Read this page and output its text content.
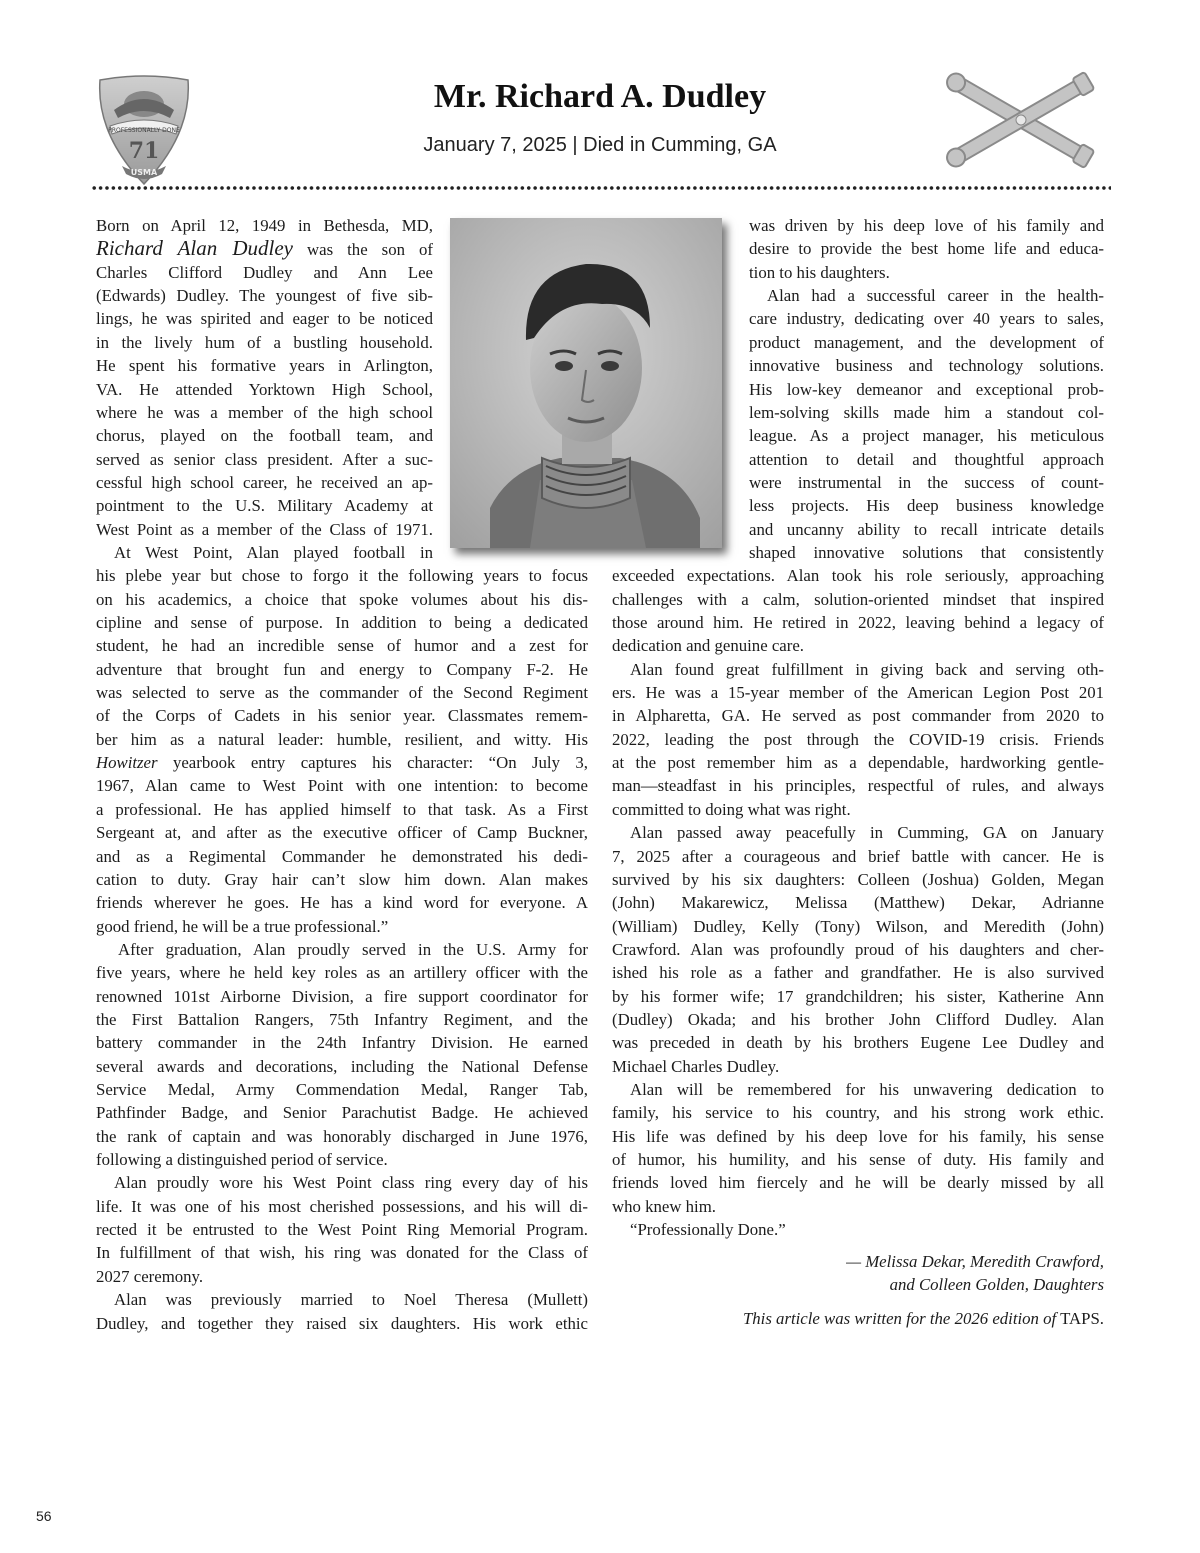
PROFESSIONALLY DONE
71
USMA
Mr. Richard A. Dudley
January 7, 2025 | Died in Cumming, GA
Born on April 12, 1949 in Bethesda, MD,
Richard Alan Dudley was the son of
Charles Clifford Dudley and Ann Lee
(Edwards) Dudley. The youngest of five sib-
lings, he was spirited and eager to be noticed
in the lively hum of a bustling household.
He spent his formative years in Arlington,
VA. He attended Yorktown High School,
where he was a member of the high school
chorus, played on the football team, and
served as senior class president. After a suc-
cessful high school career, he received an ap-
pointment to the U.S. Military Academy at
West Point as a member of the Class of 1971.
At West Point, Alan played football in
his plebe year but chose to forgo it the following years to focus
on his academics, a choice that spoke volumes about his dis-
cipline and sense of purpose. In addition to being a dedicated
student, he had an incredible sense of humor and a zest for
adventure that brought fun and energy to Company F-2. He
was selected to serve as the commander of the Second Regiment
of the Corps of Cadets in his senior year. Classmates remem-
ber him as a natural leader: humble, resilient, and witty. His
Howitzer yearbook entry captures his character: “On July 3,
1967, Alan came to West Point with one intention: to become
a professional. He has applied himself to that task. As a First
Sergeant at, and after as the executive officer of Camp Buckner,
and as a Regimental Commander he demonstrated his dedi-
cation to duty. Gray hair can’t slow him down. Alan makes
friends wherever he goes. He has a kind word for everyone. A
good friend, he will be a true professional.”
After graduation, Alan proudly served in the U.S. Army for
five years, where he held key roles as an artillery officer with the
renowned 101st Airborne Division, a fire support coordinator for
the First Battalion Rangers, 75th Infantry Regiment, and the
battery commander in the 24th Infantry Division. He earned
several awards and decorations, including the National Defense
Service Medal, Army Commendation Medal, Ranger Tab,
Pathfinder Badge, and Senior Parachutist Badge. He achieved
the rank of captain and was honorably discharged in June 1976,
following a distinguished period of service.
Alan proudly wore his West Point class ring every day of his
life. It was one of his most cherished possessions, and his will di-
rected it be entrusted to the West Point Ring Memorial Program.
In fulfillment of that wish, his ring was donated for the Class of
2027 ceremony.
Alan was previously married to Noel Theresa (Mullett)
Dudley, and together they raised six daughters. His work ethic
was driven by his deep love of his family and
desire to provide the best home life and educa-
tion to his daughters.
Alan had a successful career in the health-
care industry, dedicating over 40 years to sales,
product management, and the development of
innovative business and technology solutions.
His low-key demeanor and exceptional prob-
lem-solving skills made him a standout col-
league. As a project manager, his meticulous
attention to detail and thoughtful approach
were instrumental in the success of count-
less projects. His deep business knowledge
and uncanny ability to recall intricate details
shaped innovative solutions that consistently
exceeded expectations. Alan took his role seriously, approaching
challenges with a calm, solution-oriented mindset that inspired
those around him. He retired in 2022, leaving behind a legacy of
dedication and genuine care.
Alan found great fulfillment in giving back and serving oth-
ers. He was a 15-year member of the American Legion Post 201
in Alpharetta, GA. He served as post commander from 2020 to
2022, leading the post through the COVID-19 crisis. Friends
at the post remember him as a dependable, hardworking gentle-
man—steadfast in his principles, respectful of rules, and always
committed to doing what was right.
Alan passed away peacefully in Cumming, GA on January
7, 2025 after a courageous and brief battle with cancer. He is
survived by his six daughters: Colleen (Joshua) Golden, Megan
(John) Makarewicz, Melissa (Matthew) Dekar, Adrianne
(William) Dudley, Kelly (Tony) Wilson, and Meredith (John)
Crawford. Alan was profoundly proud of his daughters and cher-
ished his role as a father and grandfather. He is also survived
by his former wife; 17 grandchildren; his sister, Katherine Ann
(Dudley) Okada; and his brother John Clifford Dudley. Alan
was preceded in death by his brothers Eugene Lee Dudley and
Michael Charles Dudley.
Alan will be remembered for his unwavering dedication to
family, his service to his country, and his strong work ethic.
His life was defined by his deep love for his family, his sense
of humor, his humility, and his sense of duty. His family and
friends loved him fiercely and he will be dearly missed by all
who knew him.
“Professionally Done.”
— Melissa Dekar, Meredith Crawford,
and Colleen Golden, Daughters
This article was written for the 2026 edition of TAPS.
56
